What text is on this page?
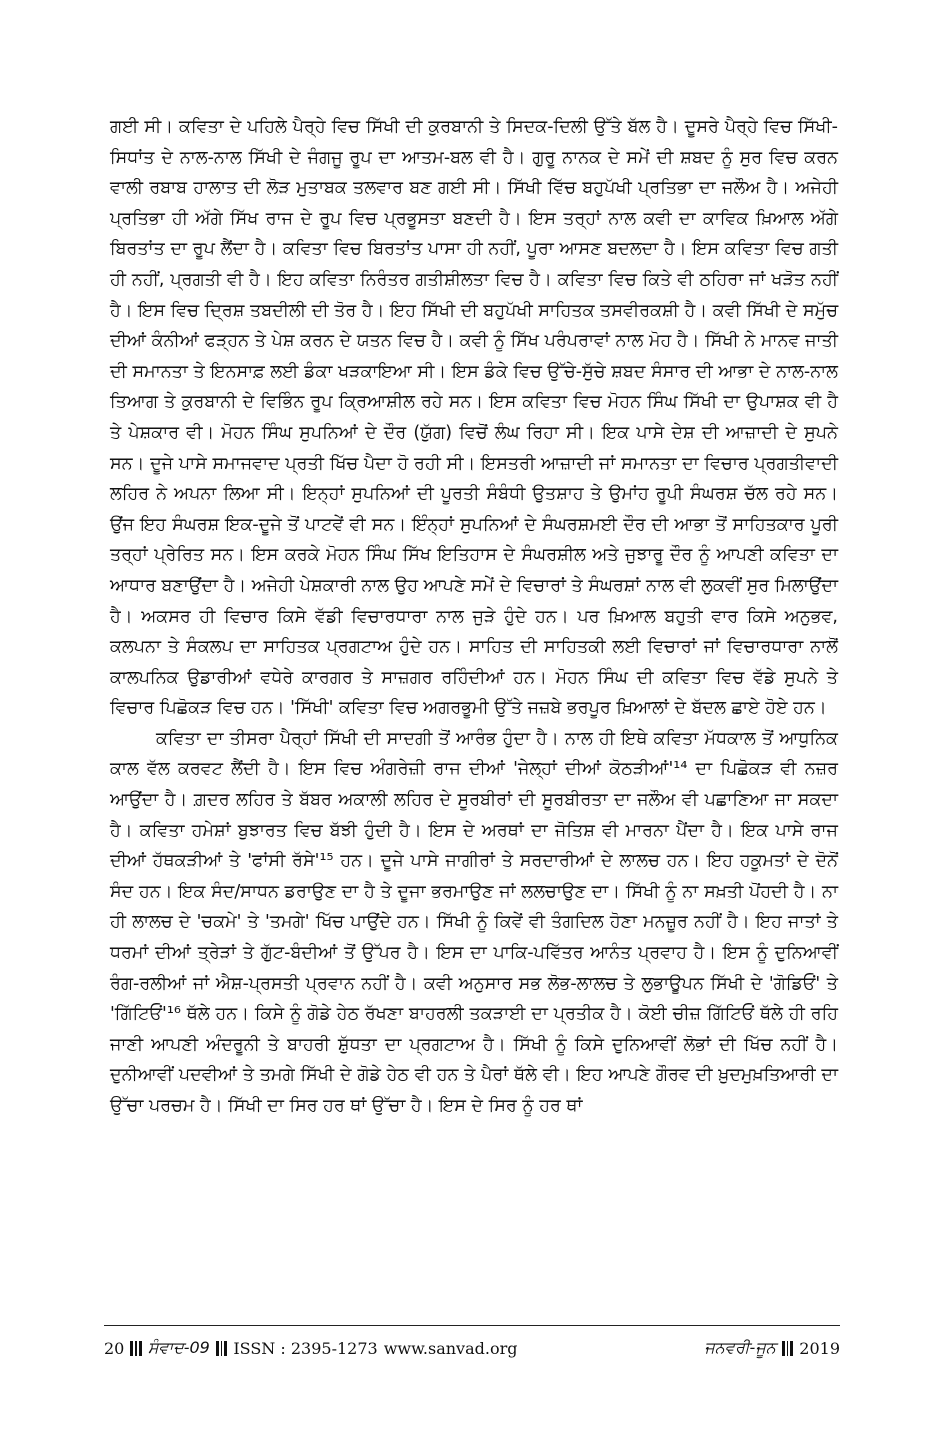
ਗਈ ਸੀ। ਕਵਿਤਾ ਦੇ ਪਹਿਲੇ ਪੈਰ੍ਹੇ ਵਿਚ ਸਿੱਖੀ ਦੀ ਕੁਰਬਾਨੀ ਤੇ ਸਿਦਕ-ਦਿਲੀ ਉੱਤੇ ਬੱਲ ਹੈ। ਦੂਸਰੇ ਪੈਰ੍ਹੇ ਵਿਚ ਸਿੱਖੀ-ਸਿਧਾਂਤ ਦੇ ਨਾਲ-ਨਾਲ ਸਿੱਖੀ ਦੇ ਜੰਗਜੂ ਰੂਪ ਦਾ ਆਤਮ-ਬਲ ਵੀ ਹੈ। ਗੁਰੂ ਨਾਨਕ ਦੇ ਸਮੇਂ ਦੀ ਸ਼ਬਦ ਨੂੰ ਸੁਰ ਵਿਚ ਕਰਨ ਵਾਲੀ ਰਬਾਬ ਹਾਲਾਤ ਦੀ ਲੋੜ ਮੁਤਾਬਕ ਤਲਵਾਰ ਬਣ ਗਈ ਸੀ। ਸਿੱਖੀ ਵਿੱਚ ਬਹੁਪੱਖੀ ਪ੍ਰਤਿਭਾ ਦਾ ਜਲੌਅ ਹੈ। ਅਜੇਹੀ ਪ੍ਰਤਿਭਾ ਹੀ ਅੱਗੇ ਸਿੱਖ ਰਾਜ ਦੇ ਰੂਪ ਵਿਚ ਪ੍ਰਭੂਸਤਾ ਬਣਦੀ ਹੈ। ਇਸ ਤਰ੍ਹਾਂ ਨਾਲ ਕਵੀ ਦਾ ਕਾਵਿਕ ਖ਼ਿਆਲ ਅੱਗੇ ਬਿਰਤਾਂਤ ਦਾ ਰੂਪ ਲੈਂਦਾ ਹੈ। ਕਵਿਤਾ ਵਿਚ ਬਿਰਤਾਂਤ ਪਾਸਾ ਹੀ ਨਹੀਂ, ਪੂਰਾ ਆਸਣ ਬਦਲਦਾ ਹੈ। ਇਸ ਕਵਿਤਾ ਵਿਚ ਗਤੀ ਹੀ ਨਹੀਂ, ਪ੍ਰਗਤੀ ਵੀ ਹੈ। ਇਹ ਕਵਿਤਾ ਨਿਰੰਤਰ ਗਤੀਸ਼ੀਲਤਾ ਵਿਚ ਹੈ। ਕਵਿਤਾ ਵਿਚ ਕਿਤੇ ਵੀ ਠਹਿਰਾ ਜਾਂ ਖੜੋਤ ਨਹੀਂ ਹੈ। ਇਸ ਵਿਚ ਦ੍ਰਿਸ਼ ਤਬਦੀਲੀ ਦੀ ਤੋਰ ਹੈ। ਇਹ ਸਿੱਖੀ ਦੀ ਬਹੁਪੱਖੀ ਸਾਹਿਤਕ ਤਸਵੀਰਕਸ਼ੀ ਹੈ। ਕਵੀ ਸਿੱਖੀ ਦੇ ਸਮੁੱਚ ਦੀਆਂ ਕੰਨੀਆਂ ਫੜ੍ਹਨ ਤੇ ਪੇਸ਼ ਕਰਨ ਦੇ ਯਤਨ ਵਿਚ ਹੈ। ਕਵੀ ਨੂੰ ਸਿੱਖ ਪਰੰਪਰਾਵਾਂ ਨਾਲ ਮੋਹ ਹੈ। ਸਿੱਖੀ ਨੇ ਮਾਨਵ ਜਾਤੀ ਦੀ ਸਮਾਨਤਾ ਤੇ ਇਨਸਾਫ਼ ਲਈ ਡੰਕਾ ਖੜਕਾਇਆ ਸੀ। ਇਸ ਡੰਕੇ ਵਿਚ ਉੱਚੇ-ਸੁੱਚੇ ਸ਼ਬਦ ਸੰਸਾਰ ਦੀ ਆਭਾ ਦੇ ਨਾਲ-ਨਾਲ ਤਿਆਗ ਤੇ ਕੁਰਬਾਨੀ ਦੇ ਵਿਭਿੰਨ ਰੂਪ ਕ੍ਰਿਆਸ਼ੀਲ ਰਹੇ ਸਨ। ਇਸ ਕਵਿਤਾ ਵਿਚ ਮੋਹਨ ਸਿੰਘ ਸਿੱਖੀ ਦਾ ਉਪਾਸ਼ਕ ਵੀ ਹੈ ਤੇ ਪੇਸ਼ਕਾਰ ਵੀ। ਮੋਹਨ ਸਿੰਘ ਸੁਪਨਿਆਂ ਦੇ ਦੌਰ (ਯੁੱਗ) ਵਿਚੋਂ ਲੰਘ ਰਿਹਾ ਸੀ। ਇਕ ਪਾਸੇ ਦੇਸ਼ ਦੀ ਆਜ਼ਾਦੀ ਦੇ ਸੁਪਨੇ ਸਨ। ਦੂਜੇ ਪਾਸੇ ਸਮਾਜਵਾਦ ਪ੍ਰਤੀ ਖਿੱਚ ਪੈਦਾ ਹੋ ਰਹੀ ਸੀ। ਇਸਤਰੀ ਆਜ਼ਾਦੀ ਜਾਂ ਸਮਾਨਤਾ ਦਾ ਵਿਚਾਰ ਪ੍ਰਗਤੀਵਾਦੀ ਲਹਿਰ ਨੇ ਅਪਨਾ ਲਿਆ ਸੀ। ਇਨ੍ਹਾਂ ਸੁਪਨਿਆਂ ਦੀ ਪੂਰਤੀ ਸੰਬੰਧੀ ਉਤਸ਼ਾਹ ਤੇ ਉਮਾਂਹ ਰੂਪੀ ਸੰਘਰਸ਼ ਚੱਲ ਰਹੇ ਸਨ। ਉਂਜ ਇਹ ਸੰਘਰਸ਼ ਇਕ-ਦੂਜੇ ਤੋਂ ਪਾਟਵੇਂ ਵੀ ਸਨ। ਇੰਨ੍ਹਾਂ ਸੁਪਨਿਆਂ ਦੇ ਸੰਘਰਸ਼ਮਈ ਦੌਰ ਦੀ ਆਭਾ ਤੋਂ ਸਾਹਿਤਕਾਰ ਪੂਰੀ ਤਰ੍ਹਾਂ ਪ੍ਰੇਰਿਤ ਸਨ। ਇਸ ਕਰਕੇ ਮੋਹਨ ਸਿੰਘ ਸਿੱਖ ਇਤਿਹਾਸ ਦੇ ਸੰਘਰਸ਼ੀਲ ਅਤੇ ਜੁਝਾਰੂ ਦੌਰ ਨੂੰ ਆਪਣੀ ਕਵਿਤਾ ਦਾ ਆਧਾਰ ਬਣਾਉਂਦਾ ਹੈ। ਅਜੇਹੀ ਪੇਸ਼ਕਾਰੀ ਨਾਲ ਉਹ ਆਪਣੇ ਸਮੇਂ ਦੇ ਵਿਚਾਰਾਂ ਤੇ ਸੰਘਰਸ਼ਾਂ ਨਾਲ ਵੀ ਲੁਕਵੀਂ ਸੁਰ ਮਿਲਾਉਂਦਾ ਹੈ। ਅਕਸਰ ਹੀ ਵਿਚਾਰ ਕਿਸੇ ਵੱਡੀ ਵਿਚਾਰਧਾਰਾ ਨਾਲ ਜੁੜੇ ਹੁੰਦੇ ਹਨ। ਪਰ ਖ਼ਿਆਲ ਬਹੁਤੀ ਵਾਰ ਕਿਸੇ ਅਨੁਭਵ, ਕਲਪਨਾ ਤੇ ਸੰਕਲਪ ਦਾ ਸਾਹਿਤਕ ਪ੍ਰਗਟਾਅ ਹੁੰਦੇ ਹਨ। ਸਾਹਿਤ ਦੀ ਸਾਹਿਤਕੀ ਲਈ ਵਿਚਾਰਾਂ ਜਾਂ ਵਿਚਾਰਧਾਰਾ ਨਾਲੋਂ ਕਾਲਪਨਿਕ ਉਡਾਰੀਆਂ ਵਧੇਰੇ ਕਾਰਗਰ ਤੇ ਸਾਜ਼ਗਰ ਰਹਿੰਦੀਆਂ ਹਨ। ਮੋਹਨ ਸਿੰਘ ਦੀ ਕਵਿਤਾ ਵਿਚ ਵੱਡੇ ਸੁਪਨੇ ਤੇ ਵਿਚਾਰ ਪਿਛੋਕੜ ਵਿਚ ਹਨ। 'ਸਿੱਖੀ' ਕਵਿਤਾ ਵਿਚ ਅਗਰਭੂਮੀ ਉੱਤੇ ਜਜ਼ਬੇ ਭਰਪੂਰ ਖ਼ਿਆਲਾਂ ਦੇ ਬੱਦਲ ਛਾਏ ਹੋਏ ਹਨ।

ਕਵਿਤਾ ਦਾ ਤੀਸਰਾ ਪੈਰ੍ਹਾਂ ਸਿੱਖੀ ਦੀ ਸਾਦਗੀ ਤੋਂ ਆਰੰਭ ਹੁੰਦਾ ਹੈ। ਨਾਲ ਹੀ ਇਥੇ ਕਵਿਤਾ ਮੱਧਕਾਲ ਤੋਂ ਆਧੁਨਿਕ ਕਾਲ ਵੱਲ ਕਰਵਟ ਲੈਂਦੀ ਹੈ। ਇਸ ਵਿਚ ਅੰਗਰੇਜ਼ੀ ਰਾਜ ਦੀਆਂ 'ਜੇਲ੍ਹਾਂ ਦੀਆਂ ਕੋਠੜੀਆਂ'¹⁴ ਦਾ ਪਿਛੋਕੜ ਵੀ ਨਜ਼ਰ ਆਉਂਦਾ ਹੈ। ਗ਼ਦਰ ਲਹਿਰ ਤੇ ਬੱਬਰ ਅਕਾਲੀ ਲਹਿਰ ਦੇ ਸੂਰਬੀਰਾਂ ਦੀ ਸੂਰਬੀਰਤਾ ਦਾ ਜਲੌਅ ਵੀ ਪਛਾਣਿਆ ਜਾ ਸਕਦਾ ਹੈ। ਕਵਿਤਾ ਹਮੇਸ਼ਾਂ ਬੁਝਾਰਤ ਵਿਚ ਬੱਝੀ ਹੁੰਦੀ ਹੈ। ਇਸ ਦੇ ਅਰਥਾਂ ਦਾ ਜੋਤਿਸ਼ ਵੀ ਮਾਰਨਾ ਪੈਂਦਾ ਹੈ। ਇਕ ਪਾਸੇ ਰਾਜ ਦੀਆਂ ਹੱਥਕੜੀਆਂ ਤੇ 'ਫਾਂਸੀ ਰੱਸੇ'¹⁵ ਹਨ। ਦੂਜੇ ਪਾਸੇ ਜਾਗੀਰਾਂ ਤੇ ਸਰਦਾਰੀਆਂ ਦੇ ਲਾਲਚ ਹਨ। ਇਹ ਹਕੂਮਤਾਂ ਦੇ ਦੋਨੋਂ ਸੰਦ ਹਨ। ਇਕ ਸੰਦ/ਸਾਧਨ ਡਰਾਉਣ ਦਾ ਹੈ ਤੇ ਦੂਜਾ ਭਰਮਾਉਣ ਜਾਂ ਲਲਚਾਉਣ ਦਾ। ਸਿੱਖੀ ਨੂੰ ਨਾ ਸਖ਼ਤੀ ਪੋਂਹਦੀ ਹੈ। ਨਾ ਹੀ ਲਾਲਚ ਦੇ 'ਚਕਮੇ' ਤੇ 'ਤਮਗੇ' ਖਿੱਚ ਪਾਉਂਦੇ ਹਨ। ਸਿੱਖੀ ਨੂੰ ਕਿਵੇਂ ਵੀ ਤੰਗਦਿਲ ਹੋਣਾ ਮਨਜ਼ੂਰ ਨਹੀਂ ਹੈ। ਇਹ ਜਾਤਾਂ ਤੇ ਧਰਮਾਂ ਦੀਆਂ ਤ੍ਰੇੜਾਂ ਤੇ ਗੁੱਟ-ਬੰਦੀਆਂ ਤੋਂ ਉੱਪਰ ਹੈ। ਇਸ ਦਾ ਪਾਕਿ-ਪਵਿੱਤਰ ਆਨੰਤ ਪ੍ਰਵਾਹ ਹੈ। ਇਸ ਨੂੰ ਦੁਨਿਆਵੀਂ ਰੰਗ-ਰਲੀਆਂ ਜਾਂ ਐਸ਼-ਪ੍ਰਸਤੀ ਪ੍ਰਵਾਨ ਨਹੀਂ ਹੈ। ਕਵੀ ਅਨੁਸਾਰ ਸਭ ਲੋਭ-ਲਾਲਚ ਤੇ ਲੁਭਾਊਪਨ ਸਿੱਖੀ ਦੇ 'ਗੋਡਿਓਂ' ਤੇ 'ਗਿੱਟਿਓਂ'¹⁶ ਥੱਲੇ ਹਨ। ਕਿਸੇ ਨੂੰ ਗੋਡੇ ਹੇਠ ਰੱਖਣਾ ਬਾਹਰਲੀ ਤਕੜਾਈ ਦਾ ਪ੍ਰਤੀਕ ਹੈ। ਕੋਈ ਚੀਜ਼ ਗਿੱਟਿਓਂ ਥੱਲੇ ਹੀ ਰਹਿ ਜਾਣੀ ਆਪਣੀ ਅੰਦਰੂਨੀ ਤੇ ਬਾਹਰੀ ਸ਼ੁੱਧਤਾ ਦਾ ਪ੍ਰਗਟਾਅ ਹੈ। ਸਿੱਖੀ ਨੂੰ ਕਿਸੇ ਦੁਨਿਆਵੀਂ ਲੋਭਾਂ ਦੀ ਖਿੱਚ ਨਹੀਂ ਹੈ। ਦੁਨੀਆਵੀਂ ਪਦਵੀਆਂ ਤੇ ਤਮਗੇ ਸਿੱਖੀ ਦੇ ਗੋਡੇ ਹੇਠ ਵੀ ਹਨ ਤੇ ਪੈਰਾਂ ਥੱਲੇ ਵੀ। ਇਹ ਆਪਣੇ ਗੌਰਵ ਦੀ ਖ਼ੁਦਮੁਖ਼ਤਿਆਰੀ ਦਾ ਉੱਚਾ ਪਰਚਮ ਹੈ। ਸਿੱਖੀ ਦਾ ਸਿਰ ਹਰ ਥਾਂ ਉੱਚਾ ਹੈ। ਇਸ ਦੇ ਸਿਰ ਨੂੰ ਹਰ ਥਾਂ

20 ਸੰਵਾਦ-09 ISSN : 2395-1273 www.sanvad.org	ਜਨਵਰੀ-ਜੂਨ 2019
